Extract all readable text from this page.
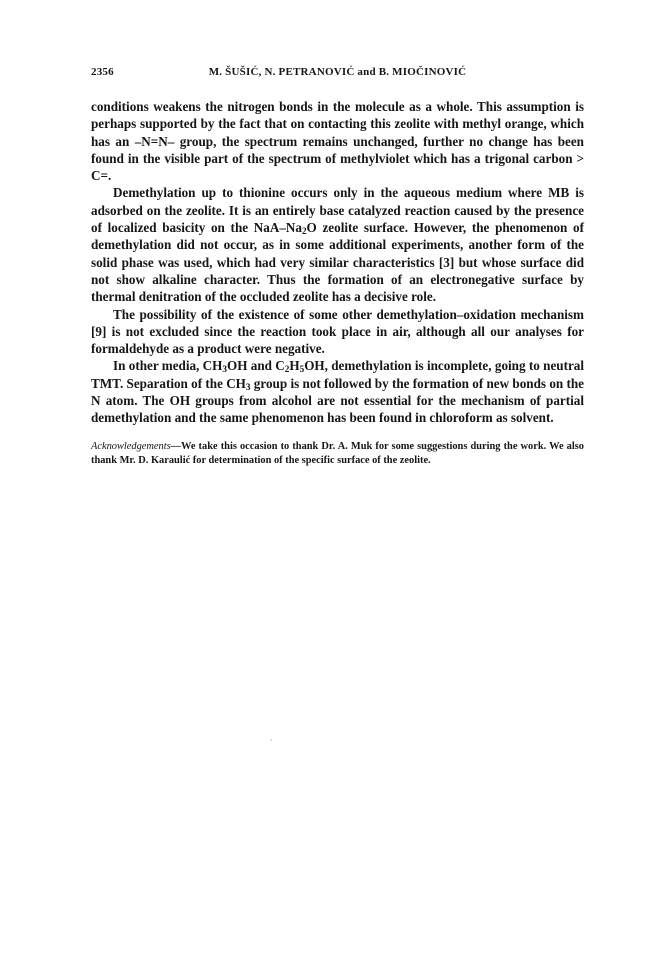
2356	M. ŠUŠIĆ, N. PETRANOVIĆ and B. MIOČINOVIĆ

conditions weakens the nitrogen bonds in the molecule as a whole. This assumption is perhaps supported by the fact that on contacting this zeolite with methyl orange, which has an –N=N– group, the spectrum remains unchanged, further no change has been found in the visible part of the spectrum of methylviolet which has a trigonal carbon > C=.

Demethylation up to thionine occurs only in the aqueous medium where MB is adsorbed on the zeolite. It is an entirely base catalyzed reaction caused by the presence of localized basicity on the NaA–$Na_2O$ zeolite surface. However, the phenomenon of demethylation did not occur, as in some additional experiments, another form of the solid phase was used, which had very similar characteristics [3] but whose surface did not show alkaline character. Thus the formation of an electronegative surface by thermal denitration of the occluded zeolite has a decisive role.

The possibility of the existence of some other demethylation–oxidation mechanism [9] is not excluded since the reaction took place in air, although all our analyses for formaldehyde as a product were negative.

In other media, $CH_3OH$ and $C_2H_5OH$, demethylation is incomplete, going to neutral TMT. Separation of the $CH_3$ group is not followed by the formation of new bonds on the N atom. The OH groups from alcohol are not essential for the mechanism of partial demethylation and the same phenomenon has been found in chloroform as solvent.

Acknowledgements—We take this occasion to thank Dr. A. Muk for some suggestions during the work. We also thank Mr. D. Karaulić for determination of the specific surface of the zeolite.
